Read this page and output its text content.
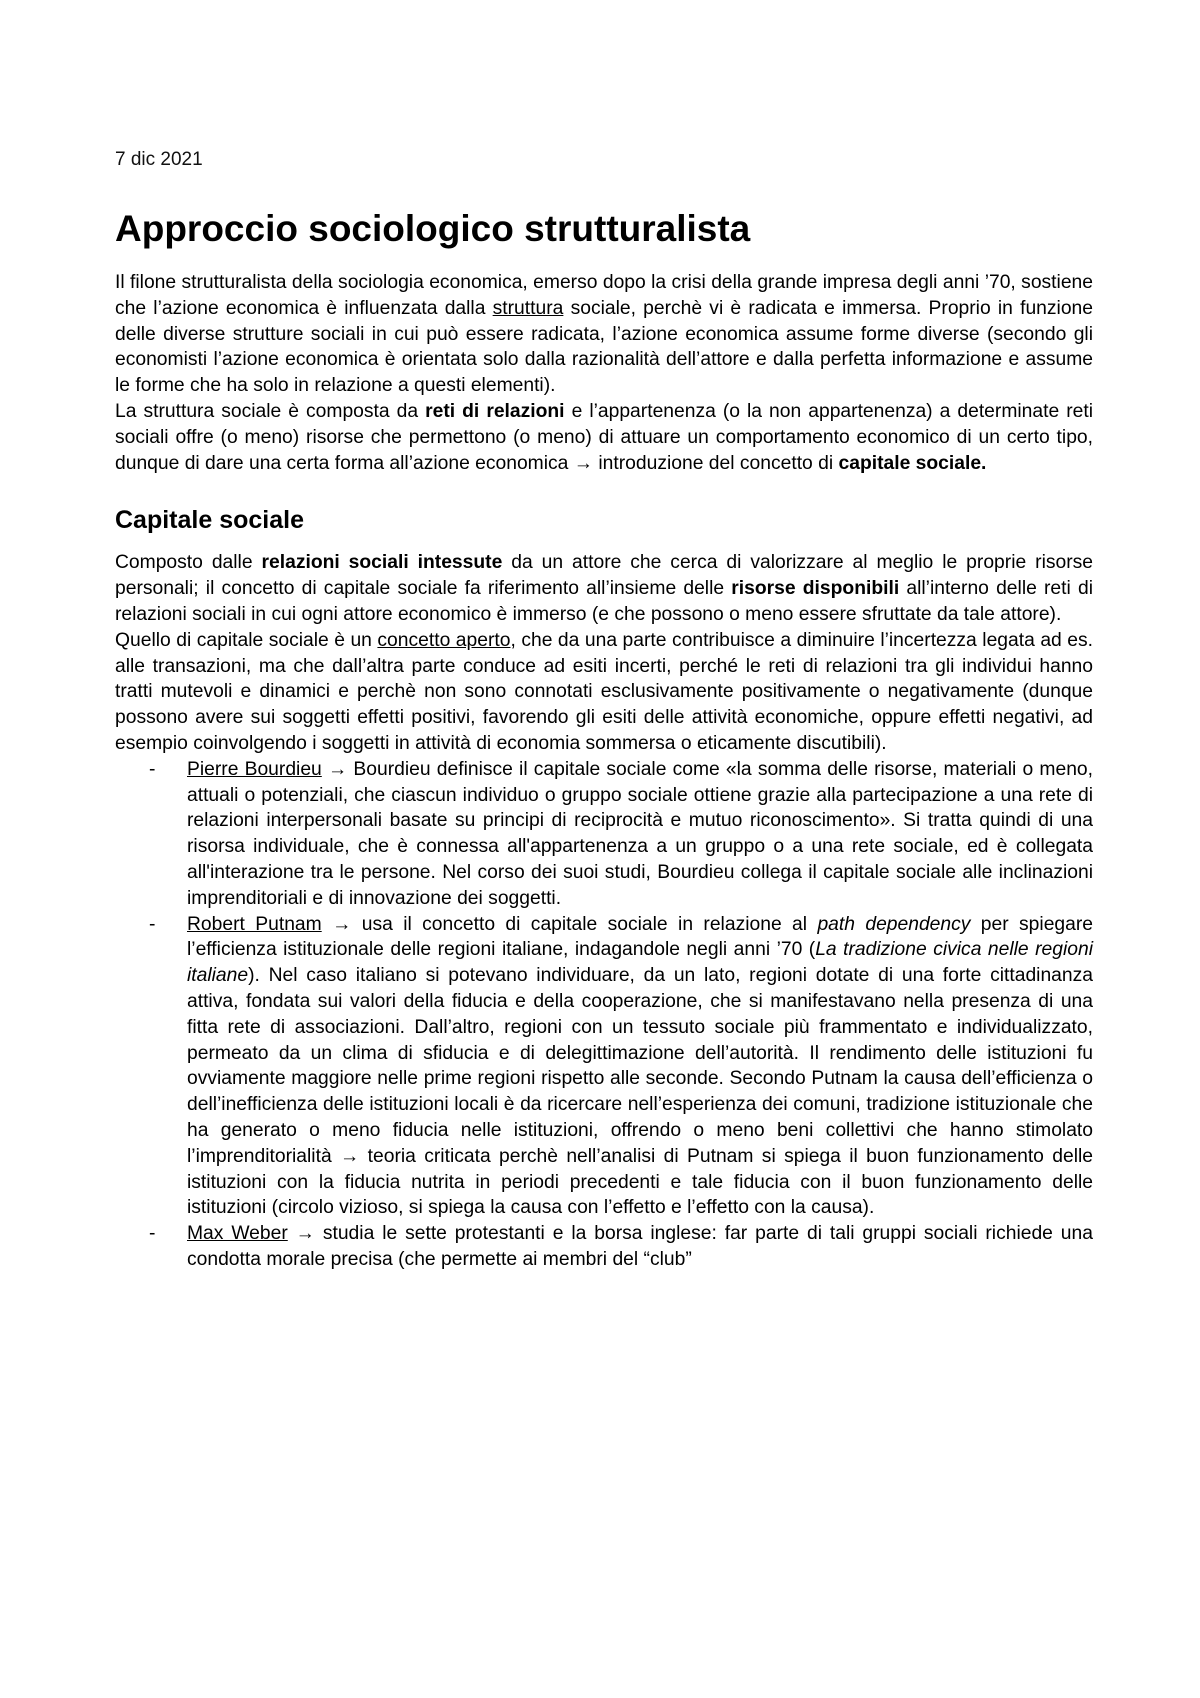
7 dic 2021
Approccio sociologico strutturalista

Il filone strutturalista della sociologia economica, emerso dopo la crisi della grande impresa degli anni ’70, sostiene che l’azione economica è influenzata dalla struttura sociale, perchè vi è radicata e immersa. Proprio in funzione delle diverse strutture sociali in cui può essere radicata, l’azione economica assume forme diverse (secondo gli economisti l’azione economica è orientata solo dalla razionalità dell’attore e dalla perfetta informazione e assume le forme che ha solo in relazione a questi elementi).

La struttura sociale è composta da reti di relazioni e l’appartenenza (o la non appartenenza) a determinate reti sociali offre (o meno) risorse che permettono (o meno) di attuare un comportamento economico di un certo tipo, dunque di dare una certa forma all’azione economica → introduzione del concetto di capitale sociale.

Capitale sociale

Composto dalle relazioni sociali intessute da un attore che cerca di valorizzare al meglio le proprie risorse personali; il concetto di capitale sociale fa riferimento all’insieme delle risorse disponibili all’interno delle reti di relazioni sociali in cui ogni attore economico è immerso (e che possono o meno essere sfruttate da tale attore).

Quello di capitale sociale è un concetto aperto, che da una parte contribuisce a diminuire l’incertezza legata ad es. alle transazioni, ma che dall’altra parte conduce ad esiti incerti, perché le reti di relazioni tra gli individui hanno tratti mutevoli e dinamici e perchè non sono connotati esclusivamente positivamente o negativamente (dunque possono avere sui soggetti effetti positivi, favorendo gli esiti delle attività economiche, oppure effetti negativi, ad esempio coinvolgendo i soggetti in attività di economia sommersa o eticamente discutibili).

- Pierre Bourdieu → Bourdieu definisce il capitale sociale come «la somma delle risorse, materiali o meno, attuali o potenziali, che ciascun individuo o gruppo sociale ottiene grazie alla partecipazione a una rete di relazioni interpersonali basate su principi di reciprocità e mutuo riconoscimento». Si tratta quindi di una risorsa individuale, che è connessa all'appartenenza a un gruppo o a una rete sociale, ed è collegata all'interazione tra le persone. Nel corso dei suoi studi, Bourdieu collega il capitale sociale alle inclinazioni imprenditoriali e di innovazione dei soggetti.
- Robert Putnam → usa il concetto di capitale sociale in relazione al path dependency per spiegare l’efficienza istituzionale delle regioni italiane, indagandole negli anni ’70 (La tradizione civica nelle regioni italiane). Nel caso italiano si potevano individuare, da un lato, regioni dotate di una forte cittadinanza attiva, fondata sui valori della fiducia e della cooperazione, che si manifestavano nella presenza di una fitta rete di associazioni. Dall’altro, regioni con un tessuto sociale più frammentato e individualizzato, permeato da un clima di sfiducia e di delegittimazione dell’autorità. Il rendimento delle istituzioni fu ovviamente maggiore nelle prime regioni rispetto alle seconde. Secondo Putnam la causa dell’efficienza o dell’inefficienza delle istituzioni locali è da ricercare nell’esperienza dei comuni, tradizione istituzionale che ha generato o meno fiducia nelle istituzioni, offrendo o meno beni collettivi che hanno stimolato l’imprenditorialità → teoria criticata perchè nell’analisi di Putnam si spiega il buon funzionamento delle istituzioni con la fiducia nutrita in periodi precedenti e tale fiducia con il buon funzionamento delle istituzioni (circolo vizioso, si spiega la causa con l’effetto e l’effetto con la causa).
- Max Weber → studia le sette protestanti e la borsa inglese: far parte di tali gruppi sociali richiede una condotta morale precisa (che permette ai membri del “club”
